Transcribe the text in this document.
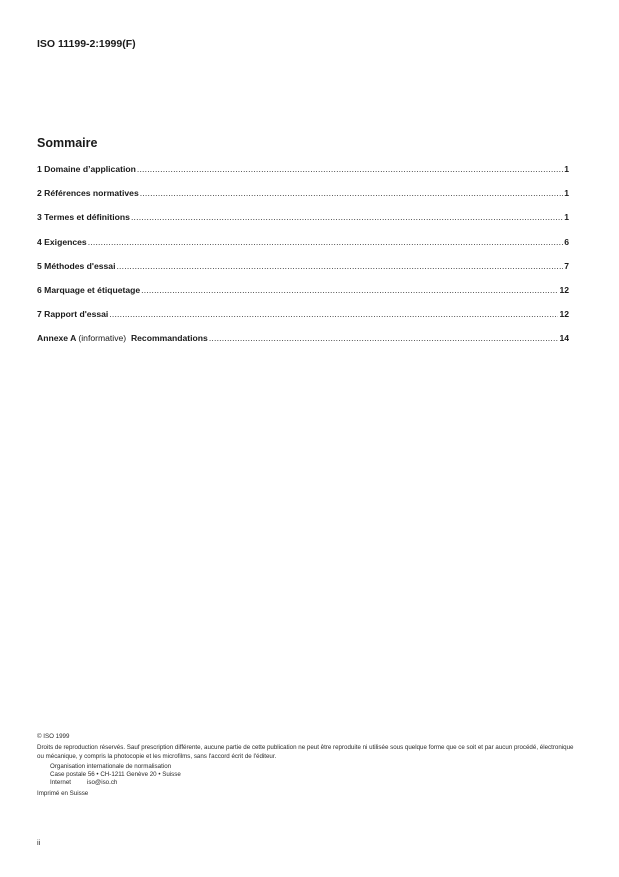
ISO 11199-2:1999(F)
Sommaire
1 Domaine d’application .....	1
2 Références normatives .....	1
3 Termes et définitions .....	1
4 Exigences .....	6
5 Méthodes d'essai .....	7
6 Marquage et étiquetage .....	12
7 Rapport d'essai .....	12
Annexe A (informative) Recommandations .....	14

© ISO 1999

Droits de reproduction réservés. Sauf prescription différente, aucune partie de cette publication ne peut être reproduite ni utilisée sous quelque forme que ce soit et par aucun procédé, électronique ou mécanique, y compris la photocopie et les microfilms, sans l'accord écrit de l'éditeur.

Organisation internationale de normalisation

Case postale 56 • CH-1211 Genève 20 • Suisse

Internet	iso@iso.ch

Imprimé en Suisse

ii
